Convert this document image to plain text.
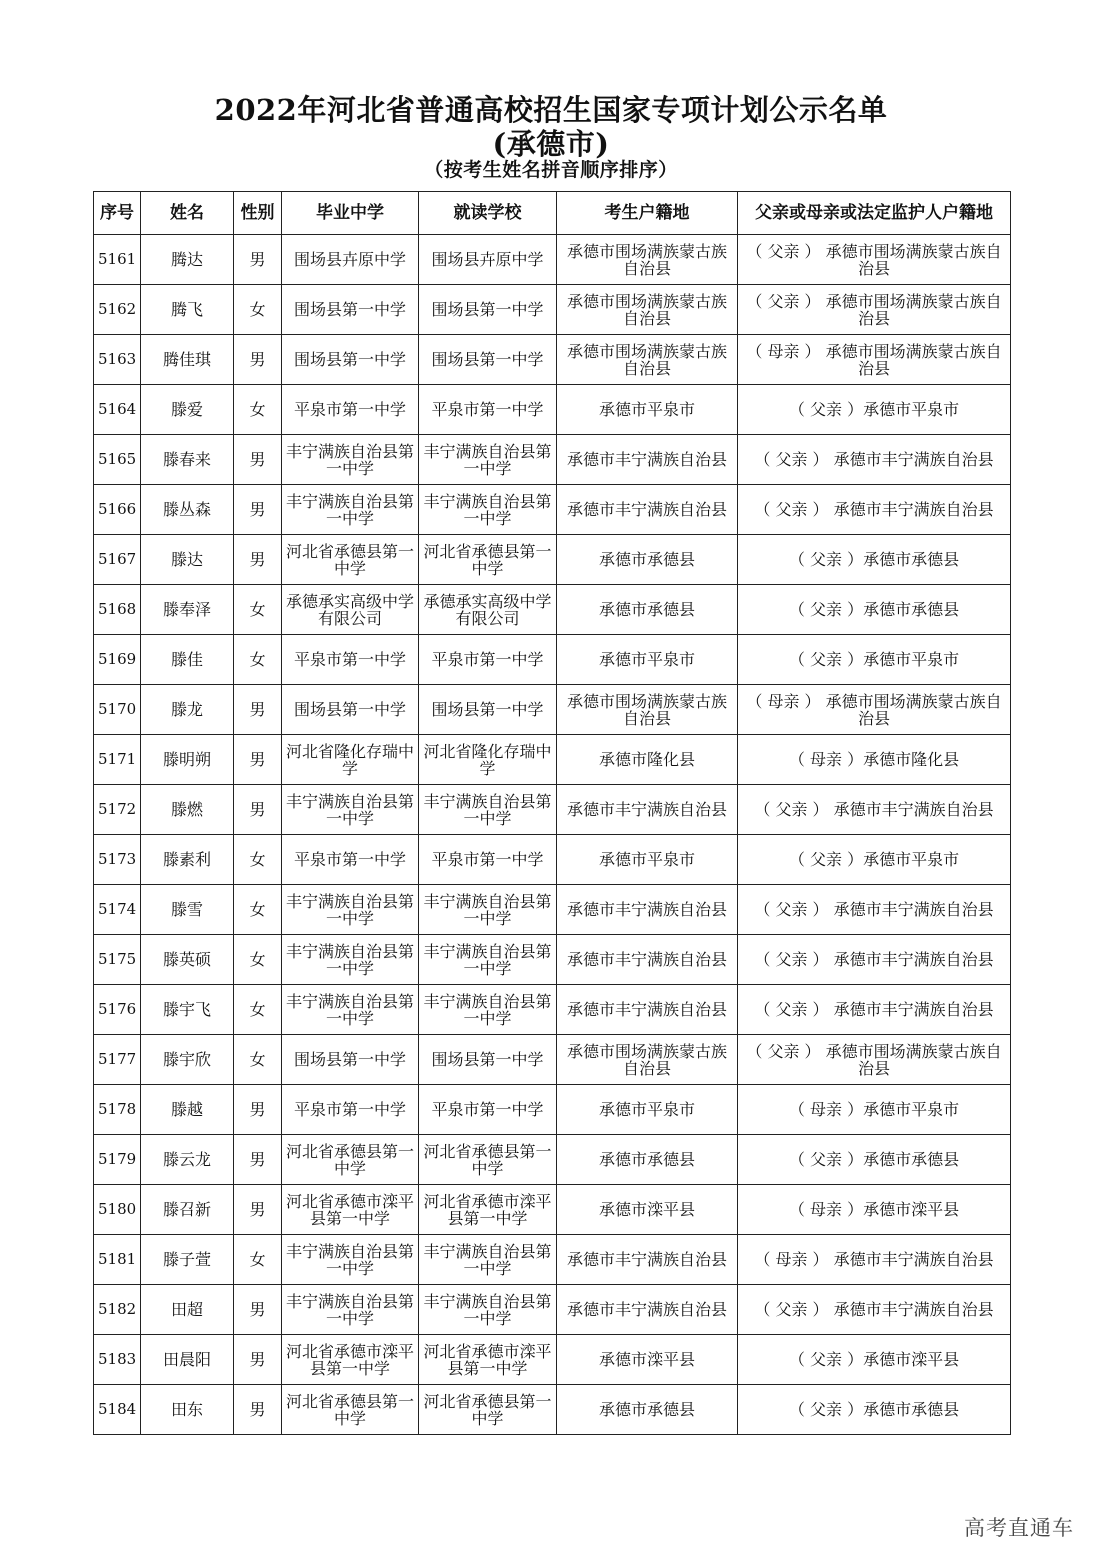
2022年河北省普通高校招生国家专项计划公示名单
(承德市)
（按考生姓名拼音顺序排序）
序号	姓名	性别	毕业中学	就读学校	考生户籍地	父亲或母亲或法定监护人户籍地
5161	腾达	男	围场县卉原中学	围场县卉原中学	承德市围场满族蒙古族自治县	（ 父亲 ） 承德市围场满族蒙古族自治县
5162	腾飞	女	围场县第一中学	围场县第一中学	承德市围场满族蒙古族自治县	（ 父亲 ） 承德市围场满族蒙古族自治县
5163	腾佳琪	男	围场县第一中学	围场县第一中学	承德市围场满族蒙古族自治县	（ 母亲 ） 承德市围场满族蒙古族自治县
5164	滕爱	女	平泉市第一中学	平泉市第一中学	承德市平泉市	（ 父亲 ）承德市平泉市
5165	滕春来	男	丰宁满族自治县第一中学	丰宁满族自治县第一中学	承德市丰宁满族自治县	（ 父亲 ） 承德市丰宁满族自治县
5166	滕丛森	男	丰宁满族自治县第一中学	丰宁满族自治县第一中学	承德市丰宁满族自治县	（ 父亲 ） 承德市丰宁满族自治县
5167	滕达	男	河北省承德县第一中学	河北省承德县第一中学	承德市承德县	（ 父亲 ）承德市承德县
5168	滕奉泽	女	承德承实高级中学有限公司	承德承实高级中学有限公司	承德市承德县	（ 父亲 ）承德市承德县
5169	滕佳	女	平泉市第一中学	平泉市第一中学	承德市平泉市	（ 父亲 ）承德市平泉市
5170	滕龙	男	围场县第一中学	围场县第一中学	承德市围场满族蒙古族自治县	（ 母亲 ） 承德市围场满族蒙古族自治县
5171	滕明朔	男	河北省隆化存瑞中学	河北省隆化存瑞中学	承德市隆化县	（ 母亲 ）承德市隆化县
5172	滕燃	男	丰宁满族自治县第一中学	丰宁满族自治县第一中学	承德市丰宁满族自治县	（ 父亲 ） 承德市丰宁满族自治县
5173	滕素利	女	平泉市第一中学	平泉市第一中学	承德市平泉市	（ 父亲 ）承德市平泉市
5174	滕雪	女	丰宁满族自治县第一中学	丰宁满族自治县第一中学	承德市丰宁满族自治县	（ 父亲 ） 承德市丰宁满族自治县
5175	滕英硕	女	丰宁满族自治县第一中学	丰宁满族自治县第一中学	承德市丰宁满族自治县	（ 父亲 ） 承德市丰宁满族自治县
5176	滕宇飞	女	丰宁满族自治县第一中学	丰宁满族自治县第一中学	承德市丰宁满族自治县	（ 父亲 ） 承德市丰宁满族自治县
5177	滕宇欣	女	围场县第一中学	围场县第一中学	承德市围场满族蒙古族自治县	（ 父亲 ） 承德市围场满族蒙古族自治县
5178	滕越	男	平泉市第一中学	平泉市第一中学	承德市平泉市	（ 母亲 ）承德市平泉市
5179	滕云龙	男	河北省承德县第一中学	河北省承德县第一中学	承德市承德县	（ 父亲 ）承德市承德县
5180	滕召新	男	河北省承德市滦平县第一中学	河北省承德市滦平县第一中学	承德市滦平县	（ 母亲 ）承德市滦平县
5181	滕子萱	女	丰宁满族自治县第一中学	丰宁满族自治县第一中学	承德市丰宁满族自治县	（ 母亲 ） 承德市丰宁满族自治县
5182	田超	男	丰宁满族自治县第一中学	丰宁满族自治县第一中学	承德市丰宁满族自治县	（ 父亲 ） 承德市丰宁满族自治县
5183	田晨阳	男	河北省承德市滦平县第一中学	河北省承德市滦平县第一中学	承德市滦平县	（ 父亲 ）承德市滦平县
5184	田东	男	河北省承德县第一中学	河北省承德县第一中学	承德市承德县	（ 父亲 ）承德市承德县
高考直通车
